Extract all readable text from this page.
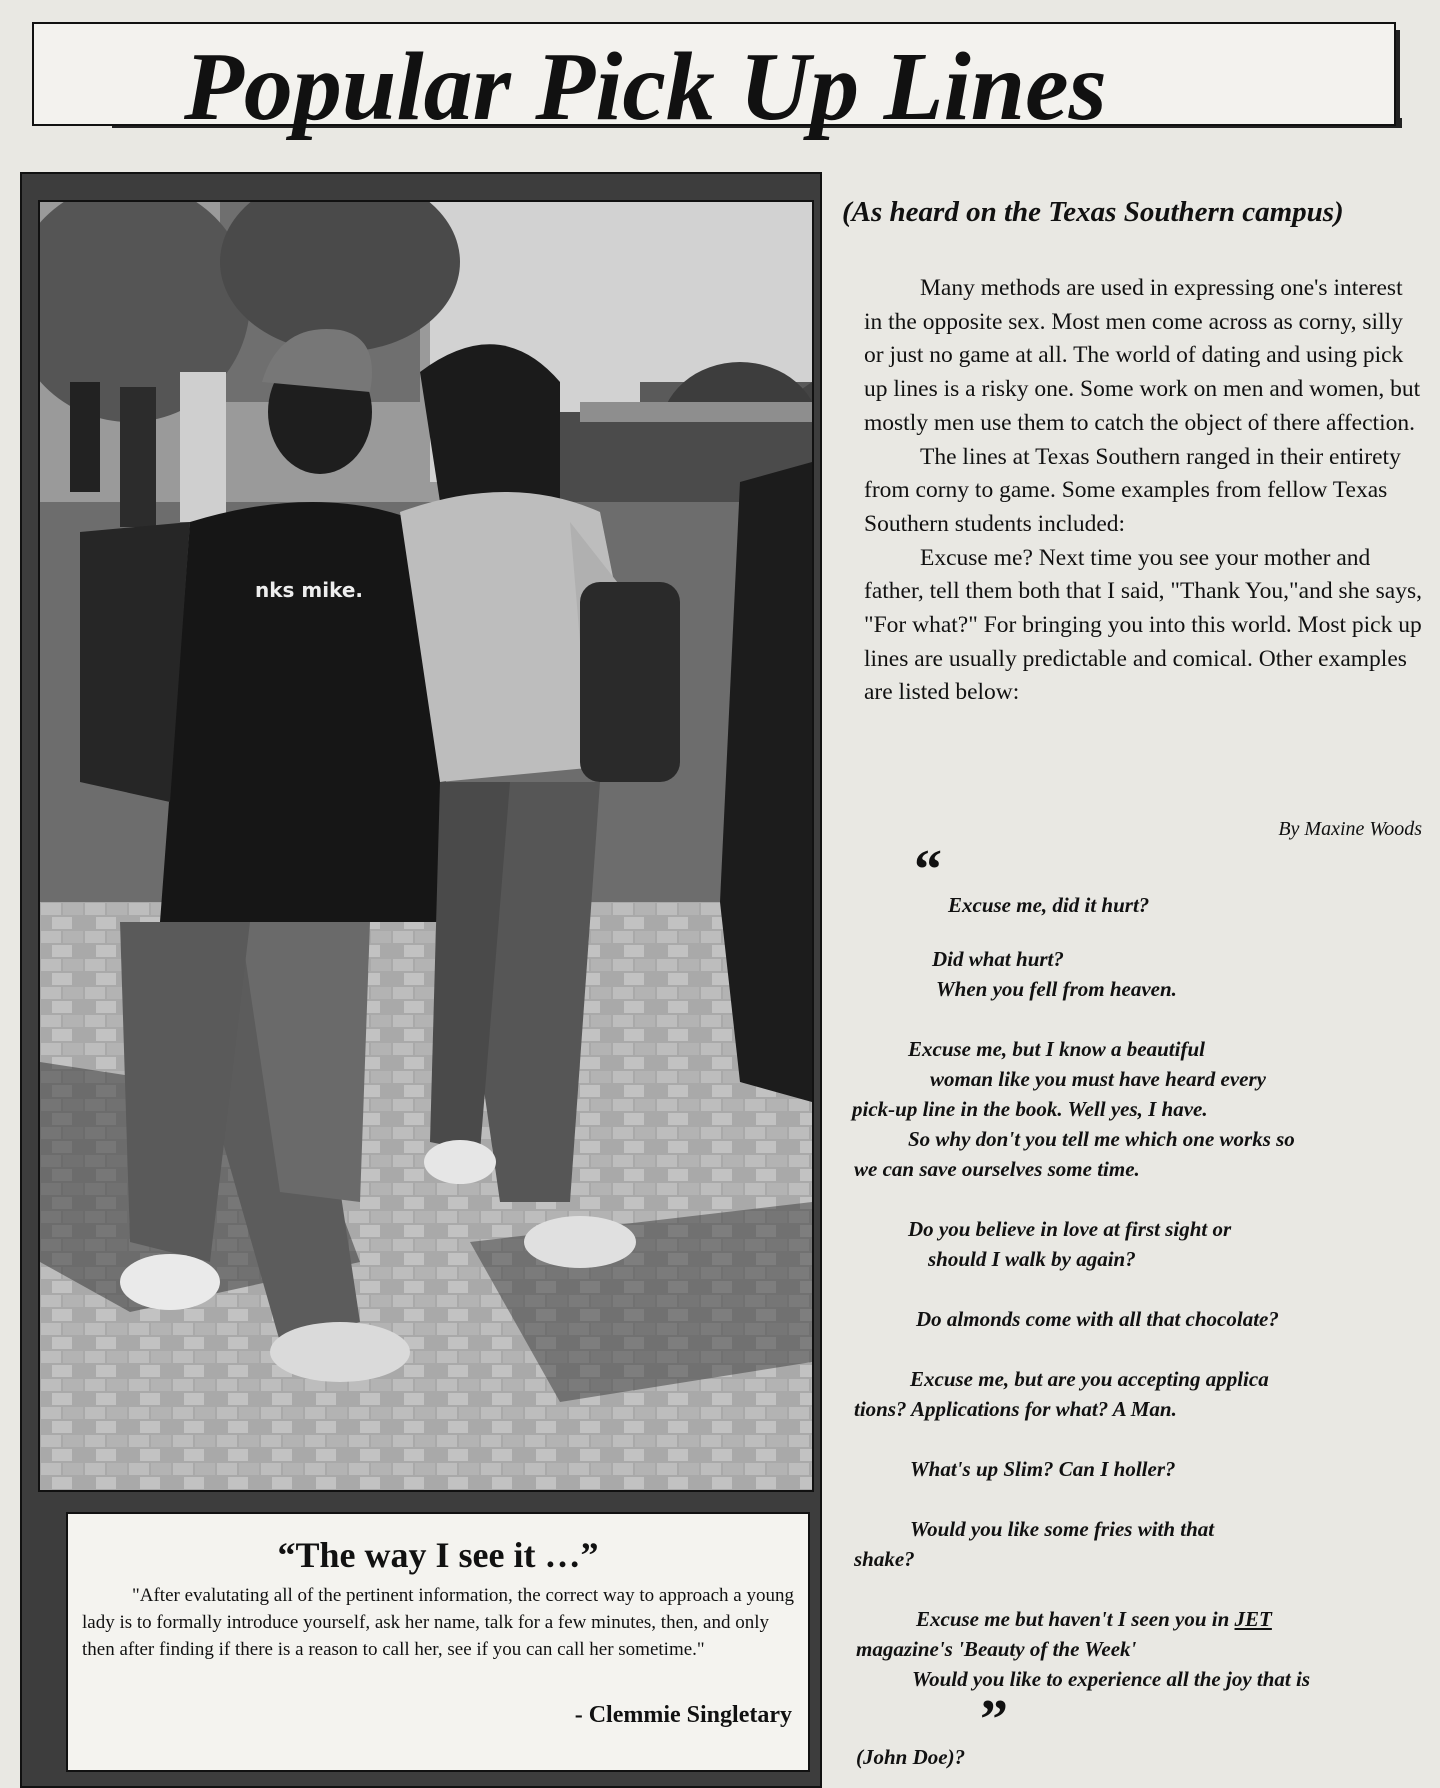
Popular Pick Up Lines
nks mike.
“The way I see it …”
"After evalutating all of the pertinent information, the correct way to approach a young lady is to formally introduce yourself, ask her name, talk for a few minutes, then, and only then after finding if there is a reason to call her, see if you can call her sometime."
- Clemmie Singletary
(As heard on the Texas Southern campus)

Many methods are used in expressing one's interest in the opposite sex. Most men come across as corny, silly or just no game at all. The world of dating and using pick up lines is a risky one. Some work on men and women, but mostly men use them to catch the object of there affection.

The lines at Texas Southern ranged in their entirety from corny to game. Some examples from fellow Texas Southern students included:

Excuse me? Next time you see your mother and father, tell them both that I said, "Thank You,"and she says, "For what?" For bringing you into this world. Most pick up lines are usually predictable and comical. Other examples are listed below:

By Maxine Woods
“
Excuse me, did it hurt?
Did what hurt?
When you fell from heaven.
Excuse me, but I know a beautiful
woman like you must have heard every
pick-up line in the book. Well yes, I have.
So why don't you tell me which one works so
we can save ourselves some time.
Do you believe in love at first sight or
should I walk by again?
Do almonds come with all that chocolate?
Excuse me, but are you accepting applica
tions? Applications for what? A Man.
What's up Slim? Can I holler?
Would you like some fries with that
shake?
Excuse me but haven't I seen you in JET
magazine's 'Beauty of the Week'
Would you like to experience all the joy that is
”
(John Doe)?
